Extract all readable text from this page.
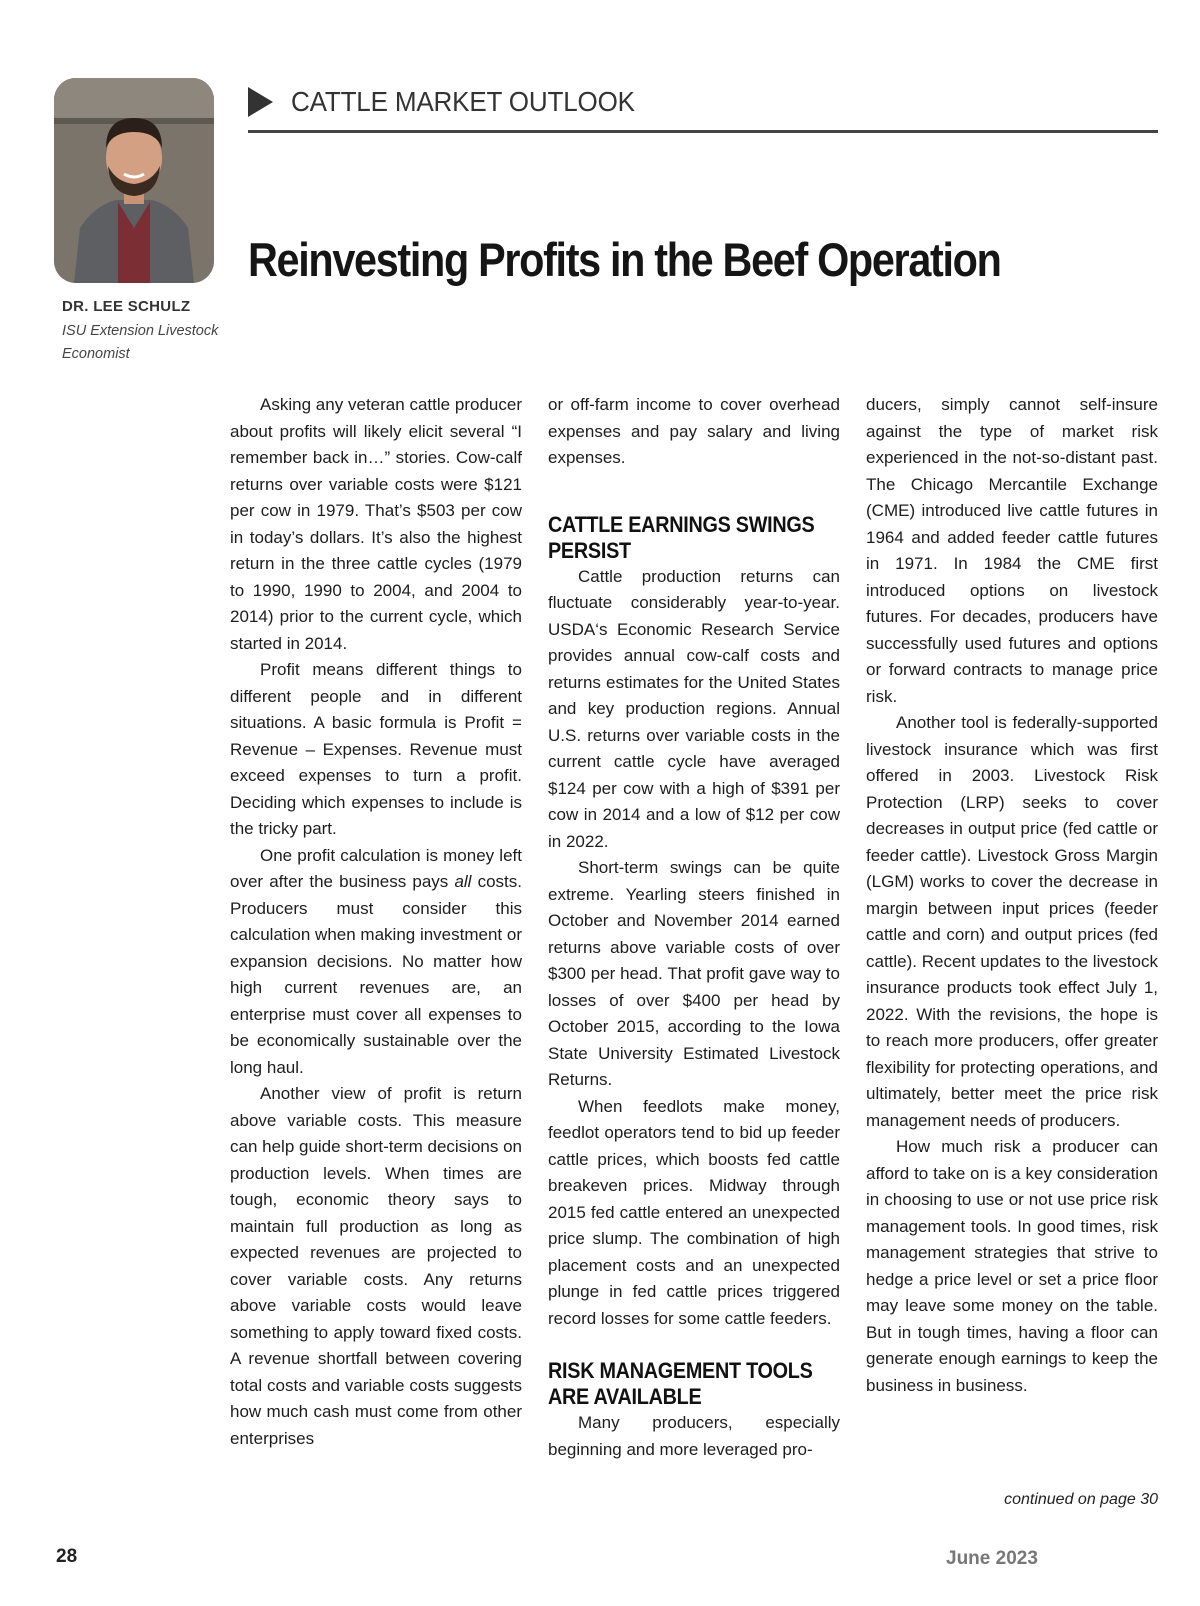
DR. LEE SCHULZ
ISU Extension Livestock Economist
CATTLE MARKET OUTLOOK
Reinvesting Profits in the Beef Operation

Asking any veteran cattle producer about profits will likely elicit several “I remember back in…” stories. Cow-calf returns over variable costs were $121 per cow in 1979. That’s $503 per cow in today’s dollars. It’s also the highest return in the three cattle cycles (1979 to 1990, 1990 to 2004, and 2004 to 2014) prior to the current cycle, which started in 2014.

Profit means different things to different people and in different situations. A basic formula is Profit = Revenue – Expenses. Revenue must exceed expenses to turn a profit. Deciding which expenses to include is the tricky part.

One profit calculation is money left over after the business pays all costs. Producers must consider this calculation when making investment or expansion decisions. No matter how high current revenues are, an enterprise must cover all expenses to be economically sustainable over the long haul.

Another view of profit is return above variable costs. This measure can help guide short-term decisions on production levels. When times are tough, economic theory says to maintain full production as long as expected revenues are projected to cover variable costs. Any returns above variable costs would leave something to apply toward fixed costs. A revenue shortfall between covering total costs and variable costs suggests how much cash must come from other enterprises

or off-farm income to cover overhead expenses and pay salary and living expenses.

CATTLE EARNINGS SWINGS PERSIST

Cattle production returns can fluctuate considerably year-to-year. USDA‘s Economic Research Service provides annual cow-calf costs and returns estimates for the United States and key production regions. Annual U.S. returns over variable costs in the current cattle cycle have averaged $124 per cow with a high of $391 per cow in 2014 and a low of $12 per cow in 2022.

Short-term swings can be quite extreme. Yearling steers finished in October and November 2014 earned returns above variable costs of over $300 per head. That profit gave way to losses of over $400 per head by October 2015, according to the Iowa State University Estimated Livestock Returns.

When feedlots make money, feedlot operators tend to bid up feeder cattle prices, which boosts fed cattle breakeven prices. Midway through 2015 fed cattle entered an unexpected price slump. The combination of high placement costs and an unexpected plunge in fed cattle prices triggered record losses for some cattle feeders.

RISK MANAGEMENT TOOLS ARE AVAILABLE

Many producers, especially beginning and more leveraged pro-

ducers, simply cannot self-insure against the type of market risk experienced in the not-so-distant past. The Chicago Mercantile Exchange (CME) introduced live cattle futures in 1964 and added feeder cattle futures in 1971. In 1984 the CME first introduced options on livestock futures. For decades, producers have successfully used futures and options or forward contracts to manage price risk.

Another tool is federally-supported livestock insurance which was first offered in 2003. Livestock Risk Protection (LRP) seeks to cover decreases in output price (fed cattle or feeder cattle). Livestock Gross Margin (LGM) works to cover the decrease in margin between input prices (feeder cattle and corn) and output prices (fed cattle). Recent updates to the livestock insurance products took effect July 1, 2022. With the revisions, the hope is to reach more producers, offer greater flexibility for protecting operations, and ultimately, better meet the price risk management needs of producers.

How much risk a producer can afford to take on is a key consideration in choosing to use or not use price risk management tools. In good times, risk management strategies that strive to hedge a price level or set a price floor may leave some money on the table. But in tough times, having a floor can generate enough earnings to keep the business in business.

continued on page 30
28	June 2023
